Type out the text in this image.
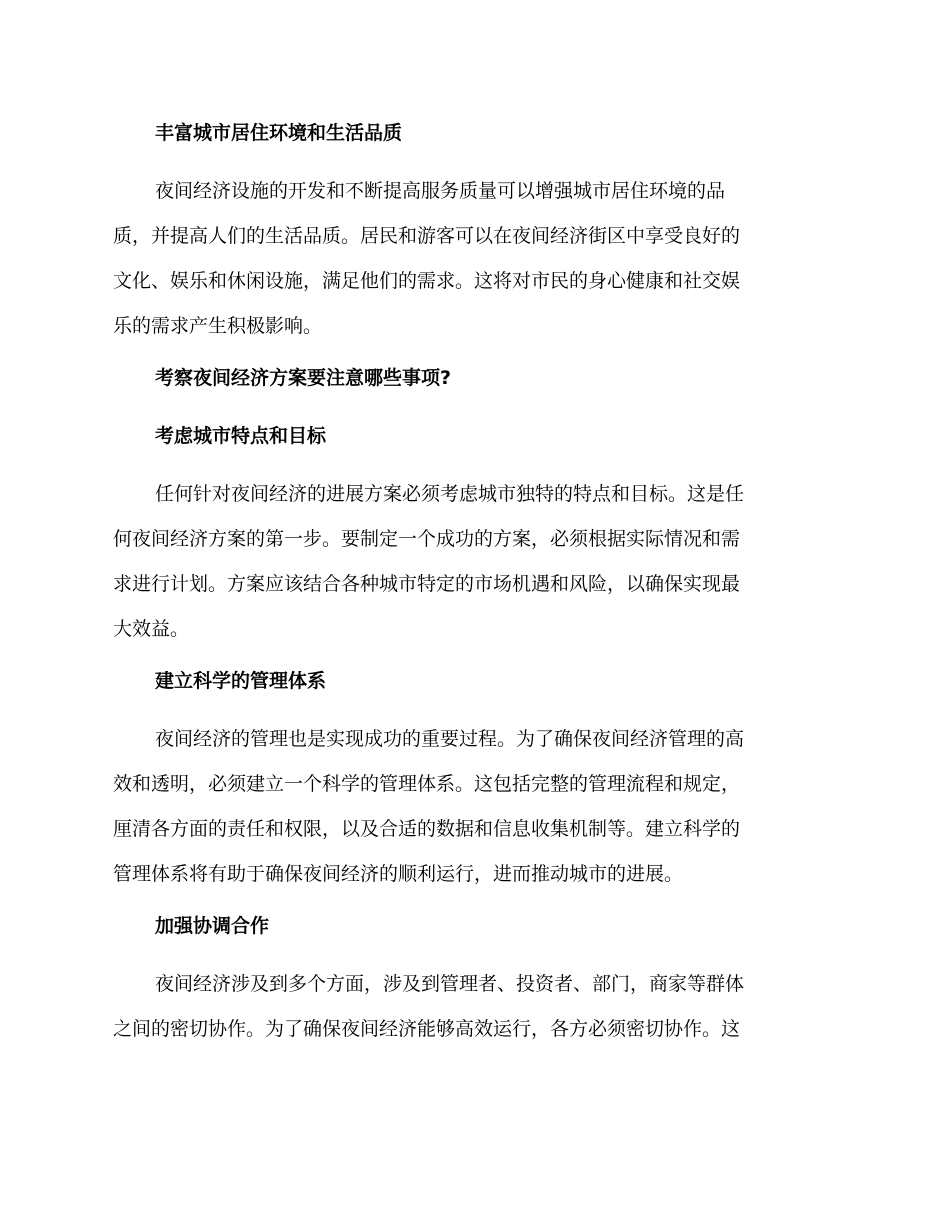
丰富城市居住环境和生活品质
夜间经济设施的开发和不断提高服务质量可以增强城市居住环境的品
质，并提高人们的生活品质。居民和游客可以在夜间经济街区中享受良好的
文化、娱乐和休闲设施，满足他们的需求。这将对市民的身心健康和社交娱
乐的需求产生积极影响。
考察夜间经济方案要注意哪些事项?
考虑城市特点和目标
任何针对夜间经济的进展方案必须考虑城市独特的特点和目标。这是任
何夜间经济方案的第一步。要制定一个成功的方案，必须根据实际情况和需
求进行计划。方案应该结合各种城市特定的市场机遇和风险，以确保实现最
大效益。
建立科学的管理体系
夜间经济的管理也是实现成功的重要过程。为了确保夜间经济管理的高
效和透明，必须建立一个科学的管理体系。这包括完整的管理流程和规定，
厘清各方面的责任和权限，以及合适的数据和信息收集机制等。建立科学的
管理体系将有助于确保夜间经济的顺利运行，进而推动城市的进展。
加强协调合作
夜间经济涉及到多个方面，涉及到管理者、投资者、部门，商家等群体
之间的密切协作。为了确保夜间经济能够高效运行，各方必须密切协作。这
